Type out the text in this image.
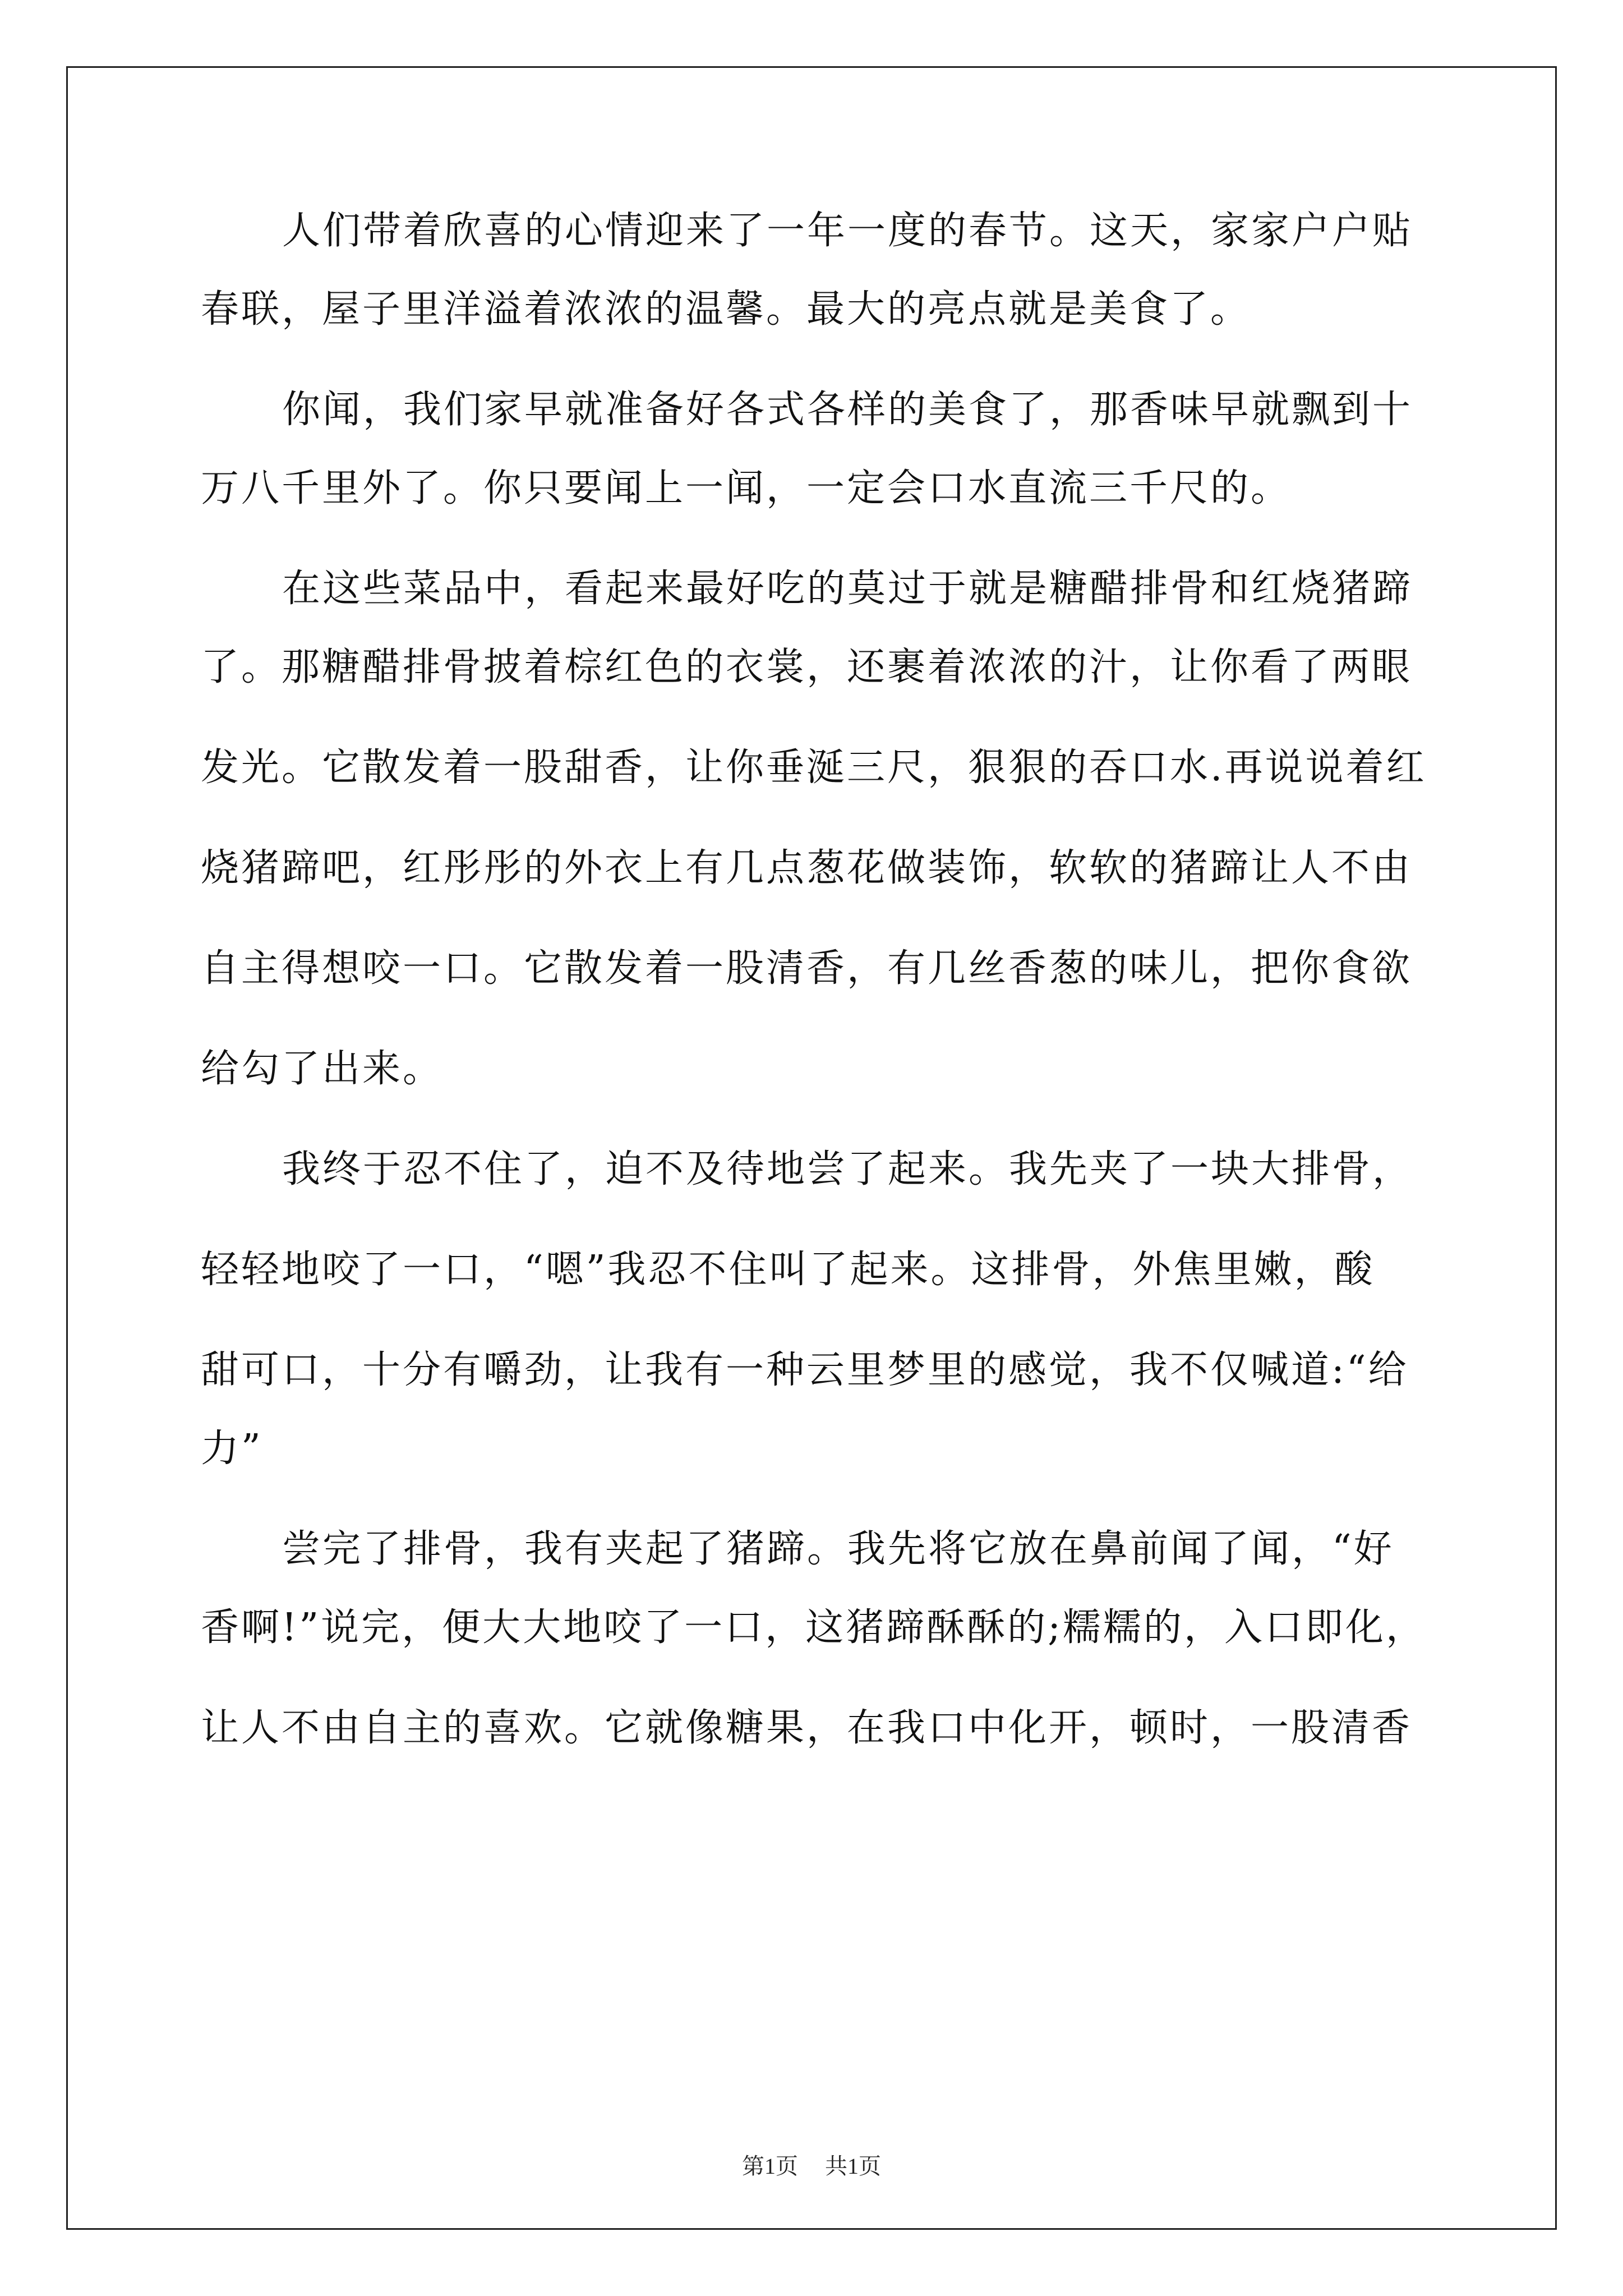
人们带着欣喜的心情迎来了一年一度的春节。这天，家家户户贴
春联，屋子里洋溢着浓浓的温馨。最大的亮点就是美食了。
你闻，我们家早就准备好各式各样的美食了，那香味早就飘到十
万八千里外了。你只要闻上一闻，一定会口水直流三千尺的。
在这些菜品中，看起来最好吃的莫过于就是糖醋排骨和红烧猪蹄
了。那糖醋排骨披着棕红色的衣裳，还裹着浓浓的汁，让你看了两眼
发光。它散发着一股甜香，让你垂涎三尺，狠狠的吞口水.再说说着红
烧猪蹄吧，红彤彤的外衣上有几点葱花做装饰，软软的猪蹄让人不由
自主得想咬一口。它散发着一股清香，有几丝香葱的味儿，把你食欲
给勾了出来。
我终于忍不住了，迫不及待地尝了起来。我先夹了一块大排骨，
轻轻地咬了一口，“嗯”我忍不住叫了起来。这排骨，外焦里嫩，酸
甜可口，十分有嚼劲，让我有一种云里梦里的感觉，我不仅喊道:“给
力”
尝完了排骨，我有夹起了猪蹄。我先将它放在鼻前闻了闻，“好
香啊!”说完，便大大地咬了一口，这猪蹄酥酥的;糯糯的，入口即化，
让人不由自主的喜欢。它就像糖果，在我口中化开，顿时，一股清香
第1页 共1页
